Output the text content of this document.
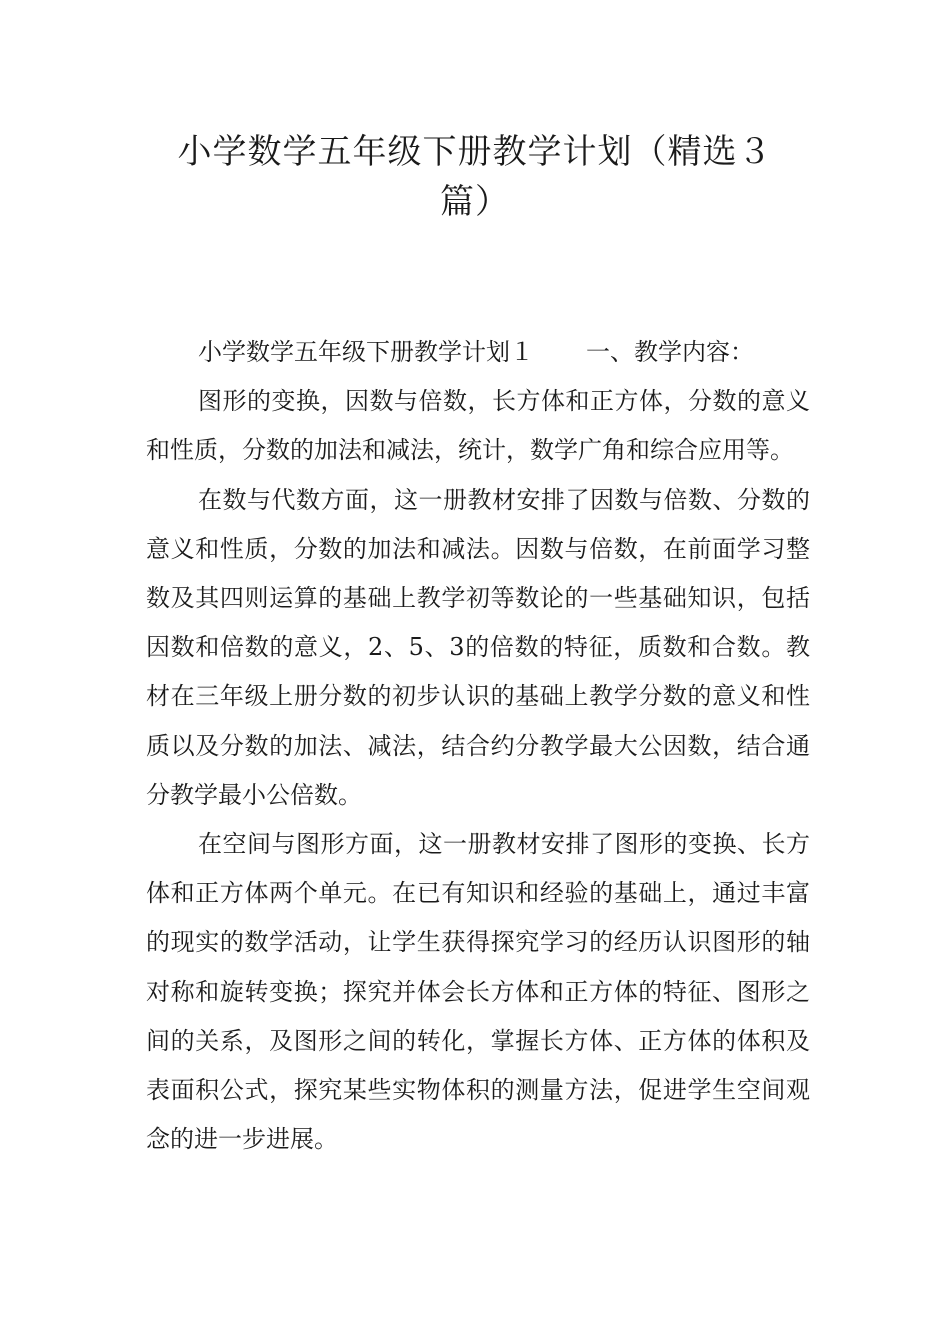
小学数学五年级下册教学计划（精选３
篇）

小学数学五年级下册教学计划１ 一、教学内容：

图形的变换，因数与倍数，长方体和正方体，分数的意义和性质，分数的加法和减法，统计，数学广角和综合应用等。

在数与代数方面，这一册教材安排了因数与倍数、分数的意义和性质，分数的加法和减法。因数与倍数，在前面学习整数及其四则运算的基础上教学初等数论的一些基础知识，包括因数和倍数的意义，2、5、3的倍数的特征，质数和合数。教材在三年级上册分数的初步认识的基础上教学分数的意义和性质以及分数的加法、减法，结合约分教学最大公因数，结合通分教学最小公倍数。

在空间与图形方面，这一册教材安排了图形的变换、长方体和正方体两个单元。在已有知识和经验的基础上，通过丰富的现实的数学活动，让学生获得探究学习的经历认识图形的轴对称和旋转变换；探究并体会长方体和正方体的特征、图形之间的关系，及图形之间的转化，掌握长方体、正方体的体积及表面积公式，探究某些实物体积的测量方法，促进学生空间观念的进一步进展。
